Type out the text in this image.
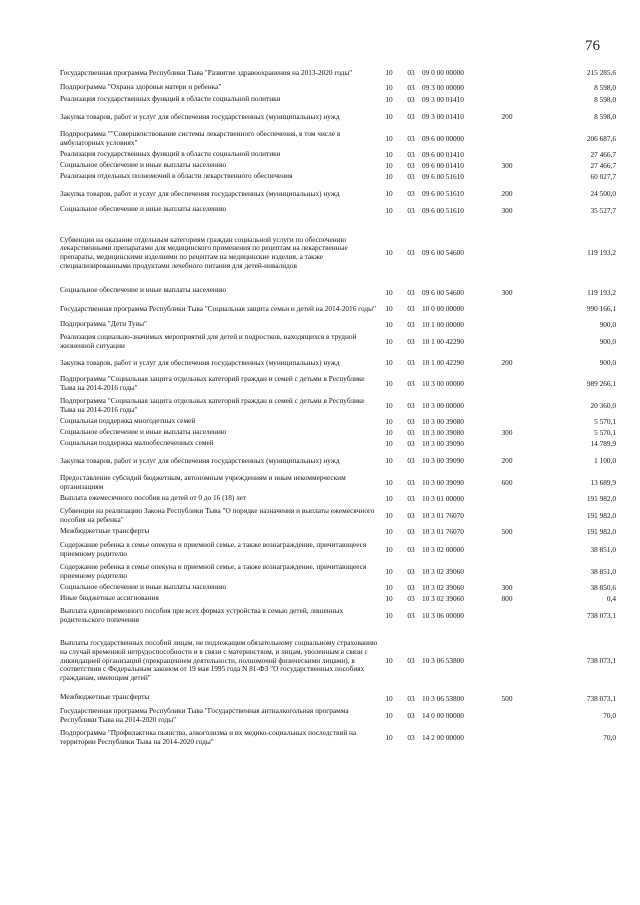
76
Государственная программа Республики Тыва "Развитие здравоохранения на 2013-2020 годы"	10	03	09 0 00 00000		215 285,6
Подпрограмма "Охрана здоровья матери и ребенка"	10	03	09 3 00 00000		8 598,0
Реализация государственных функций в области социальной политики	10	03	09 3 00 01410		8 598,0
Закупка товаров, работ и услуг для обеспечения государственных (муниципальных) нужд	10	03	09 3 00 01410	200	8 598,0
Подпрограмма ""Совершенствование системы лекарственного обеспечения, в том числе в амбулаторных условиях"	10	03	09 6 00 00000		206 687,6
Реализация государственных функций в области социальной политики	10	03	09 6 00 01410		27 466,7
Социальное обеспечение и иные выплаты населению	10	03	09 6 00 01410	300	27 466,7
Реализация отдельных полномочий в области лекарственного обеспечения	10	03	09 6 00 51610		60 027,7
Закупка товаров, работ и услуг для обеспечения государственных (муниципальных) нужд	10	03	09 6 00 51610	200	24 500,0
Социальное обеспечение и иные выплаты населению	10	03	09 6 00 51610	300	35 527,7
Субвенции на оказание отдельным категориям граждан социальной услуги по обеспечению лекарственными препаратами для медицинского применения по рецептам на лекарственные препараты, медицинскими изделиями по рецептам на медицинские изделия, а также специализированными продуктами лечебного питания для детей-инвалидов	10	03	09 6 00 54600		119 193,2
Социальное обеспечение и иные выплаты населению	10	03	09 6 00 54600	300	119 193,2
Государственная программа Республики Тыва "Социальная защита семьи и детей на 2014-2016 годы"	10	03	10 0 00 00000		990 166,1
Подпрограмма "Дети Тувы"	10	03	10 1 00 00000		900,0
Реализация социально-значимых мероприятий для детей и подростков, находящихся в трудной жизненной ситуации	10	03	10 1 00 42290		900,0
Закупка товаров, работ и услуг для обеспечения государственных (муниципальных) нужд	10	03	10 1 00 42290	200	900,0
Подпрограмма "Социальная защита отдельных категорий граждан и семей с детьми в Республике Тыва на 2014-2016 годы"	10	03	10 3 00 00000		989 266,1
Подпрограмма "Социальная защита отдельных категорий граждан и семей с детьми в Республике Тыва на 2014-2016 годы"	10	03	10 3 00 00000		20 360,0
Социальная поддержка многодетных семей	10	03	10 3 00 39080		5 570,1
Социальное обеспечение и иные выплаты населению	10	03	10 3 00 39080	300	5 570,1
Социальная поддержка малообеспеченных семей	10	03	10 3 00 39090		14 789,9
Закупка товаров, работ и услуг для обеспечения государственных (муниципальных) нужд	10	03	10 3 00 39090	200	1 100,0
Предоставление субсидий бюджетным, автономным учреждениям и иным некоммерческим организациям	10	03	10 3 00 39090	600	13 689,9
Выплата ежемесячного пособия на детей от 0 до 16 (18) лет	10	03	10 3 01 00000		191 982,0
Субвенции на реализацию Закона Республики Тыва "О порядке назначения и выплаты ежемесячного пособия на ребенка"	10	03	10 3 01 76070		191 982,0
Межбюджетные трансферты	10	03	10 3 01 76070	500	191 982,0
Содержание ребенка в семье опекуна и приемной семье, а также вознаграждение, причитающееся приемному родителю	10	03	10 3 02 00000		38 851,0
Содержание ребенка в семье опекуна и приемной семье, а также вознаграждение, причитающееся приемному родителю	10	03	10 3 02 39060		38 851,0
Социальное обеспечение и иные выплаты населению	10	03	10 3 02 39060	300	38 850,6
Иные бюджетные ассигнования	10	03	10 3 02 39060	800	0,4
Выплата единовременного пособия при всех формах устройства в семью детей, лишенных родительского попечения	10	03	10 3 06 00000		738 073,1
Выплаты государственных пособий лицам, не подлежащим обязательному социальному страхованию на случай временной нетрудоспособности и в связи с материнством, и лицам, уволенным в связи с ликвидацией организаций (прекращением деятельности, полномочий физическими лицами), в соответствии с Федеральным законом от 19 мая 1995 года N 81-ФЗ "О государственных пособиях гражданам, имеющим детей"	10	03	10 3 06 53800		738 073,1
Межбюджетные трансферты	10	03	10 3 06 53800	500	738 073,1
Государственная программа Республики Тыва "Государственная антиалкогольная программа Республики Тыва на 2014-2020 годы"	10	03	14 0 00 00000		70,0
Подпрограмма "Профилактика пьянства, алкоголизма и их медико-социальных последствий на территории Республики Тыва на 2014-2020 годы"	10	03	14 2 00 00000		70,0
